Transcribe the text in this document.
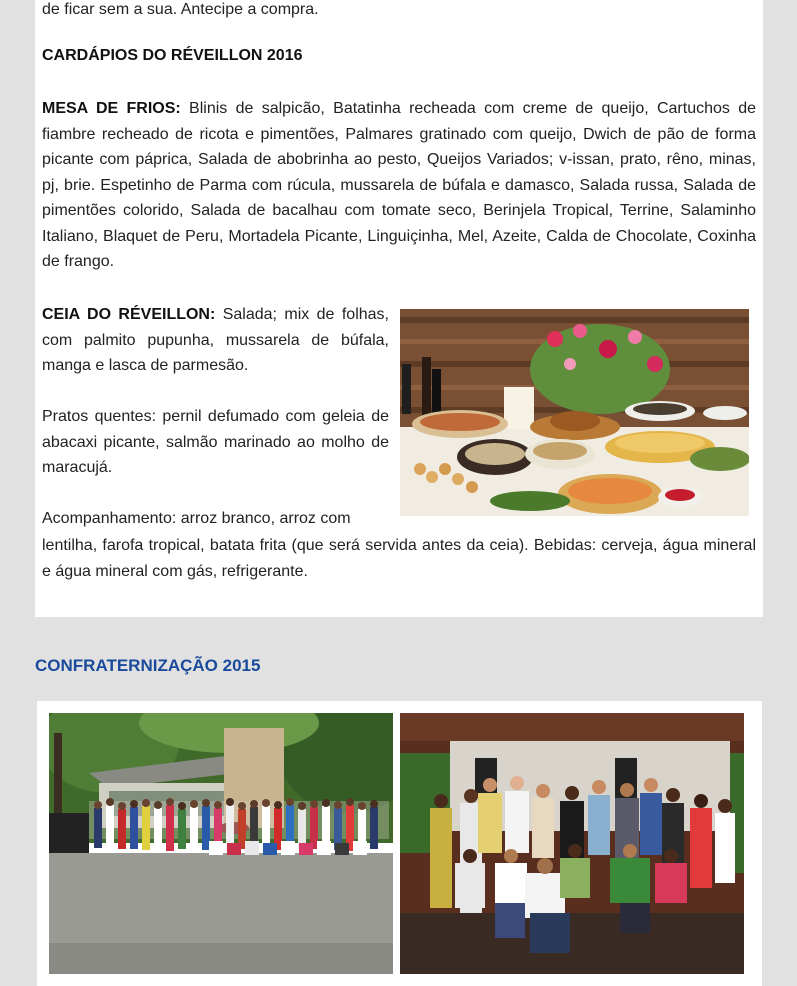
de ficar sem a sua. Antecipe a compra.
CARDÁPIOS DO RÉVEILLON 2016
MESA DE FRIOS: Blinis de salpicão, Batatinha recheada com creme de queijo, Cartuchos de fiambre recheado de ricota e pimentões, Palmares gratinado com queijo, Dwich de pão de forma picante com páprica, Salada de abobrinha ao pesto, Queijos Variados; v-issan, prato, rêno, minas, pj, brie. Espetinho de Parma com rúcula, mussarela de búfala e damasco, Salada russa, Salada de pimentões colorido, Salada de bacalhau com tomate seco, Berinjela Tropical, Terrine, Salaminho Italiano, Blaquet de Peru, Mortadela Picante, Linguiçinha, Mel, Azeite, Calda de Chocolate, Coxinha de frango.

CEIA DO RÉVEILLON: Salada; mix de folhas, com palmito pupunha, mussarela de búfala, manga e lasca de parmesão.

Pratos quentes: pernil defumado com geleia de abacaxi picante, salmão marinado ao molho de maracujá.

Acompanhamento: arroz branco, arroz com

lentilha, farofa tropical, batata frita (que será servida antes da ceia). Bebidas: cerveja, água mineral e água mineral com gás, refrigerante.
CONFRATERNIZAÇÃO 2015
